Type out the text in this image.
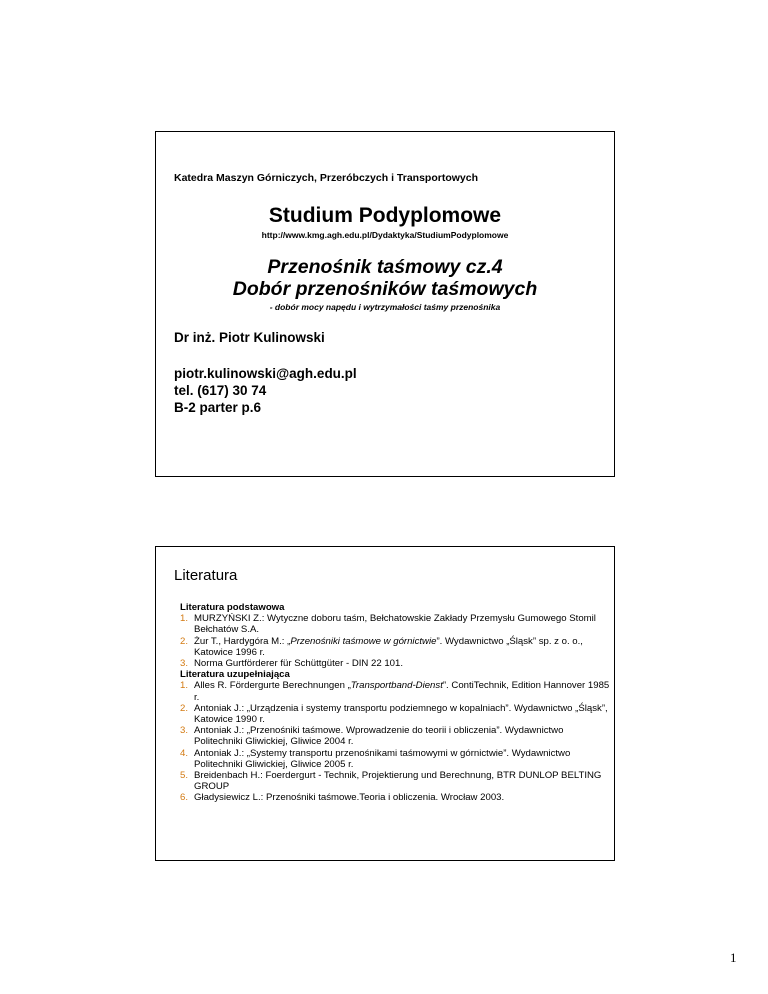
Katedra Maszyn Górniczych, Przeróbczych i Transportowych
Studium Podyplomowe
http://www.kmg.agh.edu.pl/Dydaktyka/StudiumPodyplomowe
Przenośnik taśmowy cz.4
Dobór przenośników taśmowych
- dobór mocy napędu i wytrzymałości taśmy przenośnika
Dr inż. Piotr Kulinowski
piotr.kulinowski@agh.edu.pl
tel. (617) 30 74
B-2 parter p.6
Literatura
Literatura podstawowa
1. MURZYŃSKI Z.: Wytyczne doboru taśm, Bełchatowskie Zakłady Przemysłu Gumowego Stomil Bełchatów S.A.
2. Żur T., Hardygóra M.: „Przenośniki taśmowe w górnictwie”. Wydawnictwo „Śląsk” sp. z o. o., Katowice 1996 r.
3. Norma Gurtförderer für Schüttgüter - DIN 22 101.
Literatura uzupełniająca
1. Alles R. Fördergurte Berechnungen „Transportband-Dienst”. ContiTechnik, Edition Hannover 1985 r.
2. Antoniak J.: „Urządzenia i systemy transportu podziemnego w kopalniach”. Wydawnictwo „Śląsk”, Katowice 1990 r.
3. Antoniak J.: „Przenośniki taśmowe. Wprowadzenie do teorii i obliczenia”. Wydawnictwo Politechniki Gliwickiej, Gliwice 2004 r.
4. Antoniak J.: „Systemy transportu przenośnikami taśmowymi w górnictwie”. Wydawnictwo Politechniki Gliwickiej, Gliwice 2005 r.
5. Breidenbach H.: Foerdergurt - Technik, Projektierung und Berechnung, BTR DUNLOP BELTING GROUP
6. Gładysiewicz L.: Przenośniki taśmowe.Teoria i obliczenia. Wrocław 2003.
1
